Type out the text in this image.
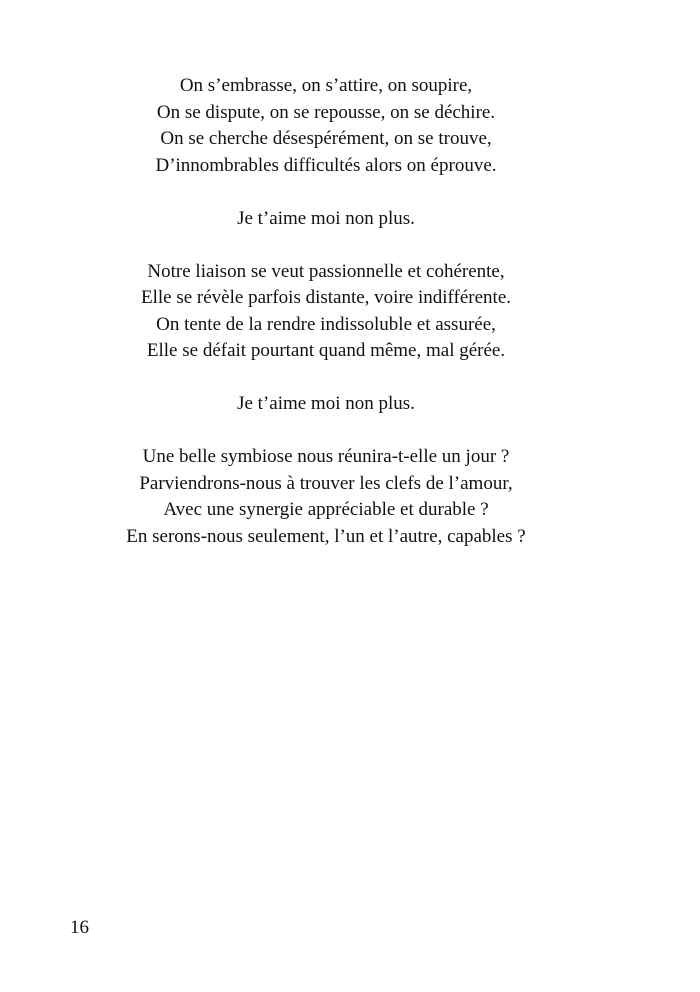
On s’embrasse, on s’attire, on soupire,

On se dispute, on se repousse, on se déchire.

On se cherche désespérément, on se trouve,

D’innombrables difficultés alors on éprouve.

Je t’aime moi non plus.

Notre liaison se veut passionnelle et cohérente,

Elle se révèle parfois distante, voire indifférente.

On tente de la rendre indissoluble et assurée,

Elle se défait pourtant quand même, mal gérée.

Je t’aime moi non plus.

Une belle symbiose nous réunira-t-elle un jour ?

Parviendrons-nous à trouver les clefs de l’amour,

Avec une synergie appréciable et durable ?

En serons-nous seulement, l’un et l’autre, capables ?

16
